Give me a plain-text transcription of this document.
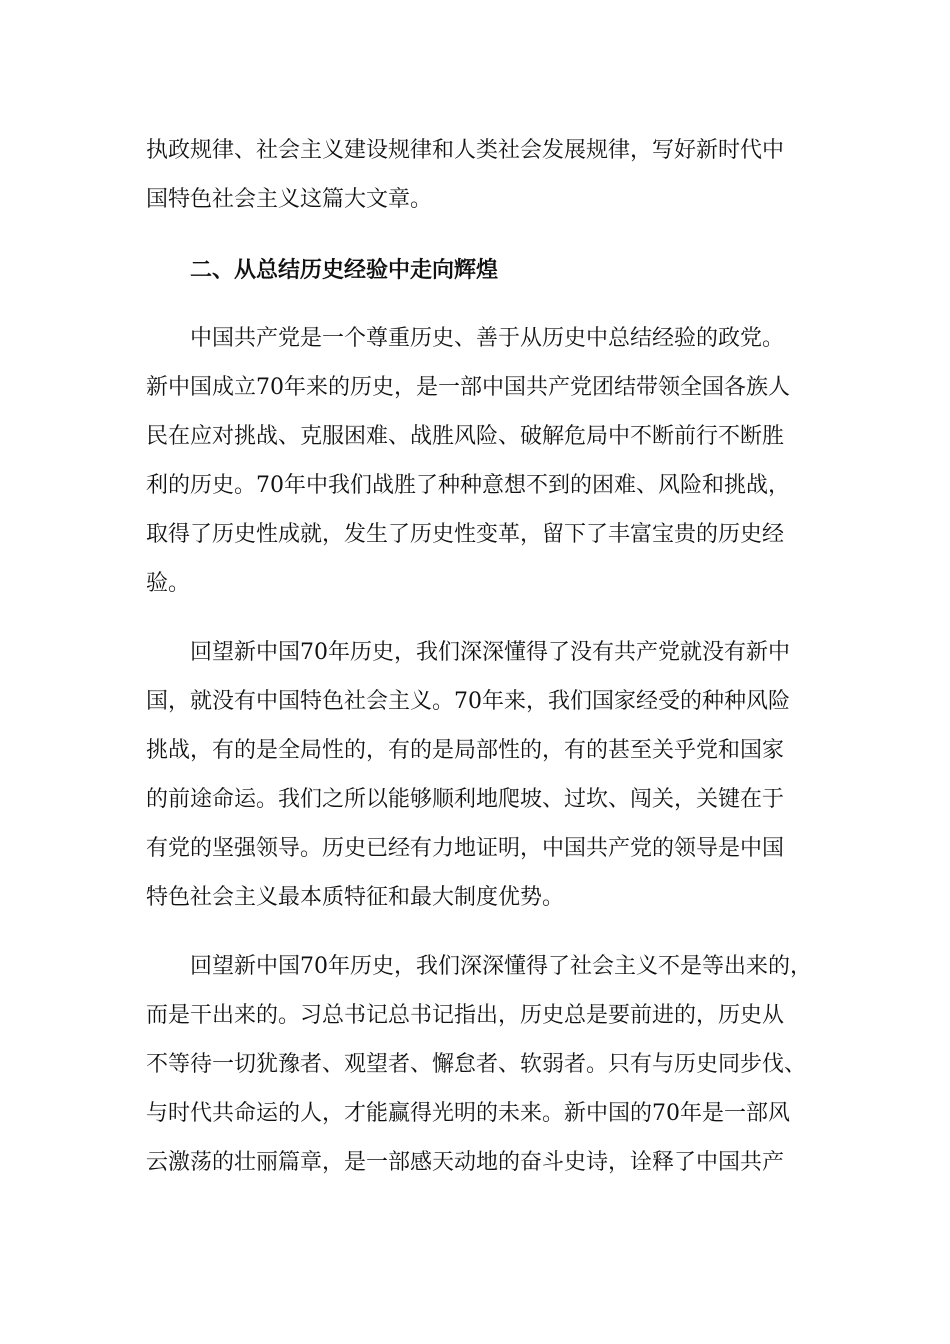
执政规律、社会主义建设规律和人类社会发展规律，写好新时代中
国特色社会主义这篇大文章。
二、从总结历史经验中走向辉煌
中国共产党是一个尊重历史、善于从历史中总结经验的政党。
新中国成立70年来的历史，是一部中国共产党团结带领全国各族人
民在应对挑战、克服困难、战胜风险、破解危局中不断前行不断胜
利的历史。70年中我们战胜了种种意想不到的困难、风险和挑战，
取得了历史性成就，发生了历史性变革，留下了丰富宝贵的历史经
验。
回望新中国70年历史，我们深深懂得了没有共产党就没有新中
国，就没有中国特色社会主义。70年来，我们国家经受的种种风险
挑战，有的是全局性的，有的是局部性的，有的甚至关乎党和国家
的前途命运。我们之所以能够顺利地爬坡、过坎、闯关，关键在于
有党的坚强领导。历史已经有力地证明，中国共产党的领导是中国
特色社会主义最本质特征和最大制度优势。
回望新中国70年历史，我们深深懂得了社会主义不是等出来的，
而是干出来的。习总书记总书记指出，历史总是要前进的，历史从
不等待一切犹豫者、观望者、懈怠者、软弱者。只有与历史同步伐、
与时代共命运的人，才能赢得光明的未来。新中国的70年是一部风
云激荡的壮丽篇章，是一部感天动地的奋斗史诗，诠释了中国共产
